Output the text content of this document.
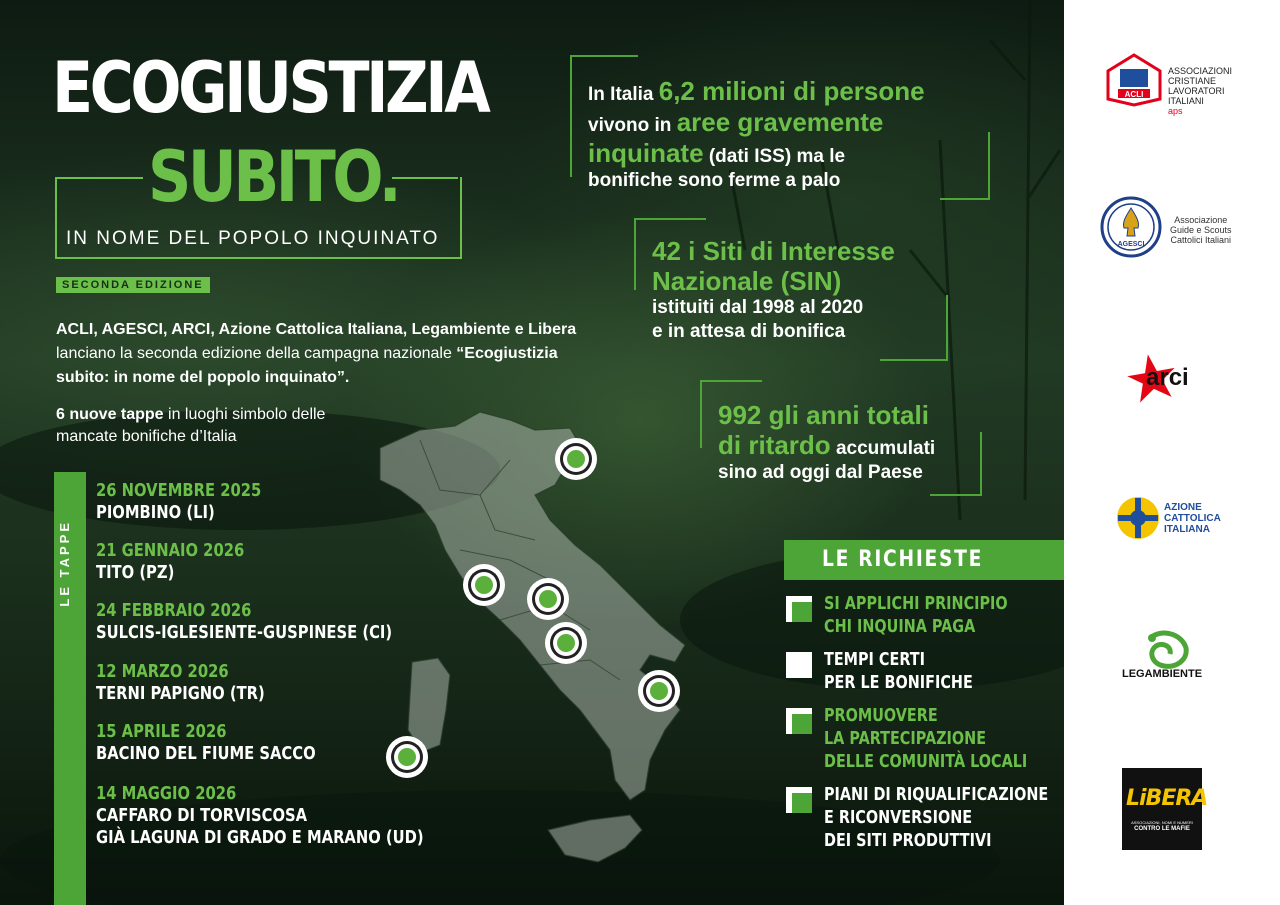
ECOGIUSTIZIA
SUBITO.
IN NOME DEL POPOLO INQUINATO
SECONDA EDIZIONE
ACLI, AGESCI, ARCI, Azione Cattolica Italiana, Legambiente e Libera lanciano la seconda edizione della campagna nazionale “Ecogiustizia subito: in nome del popolo inquinato”.
6 nuove tappe in luoghi simbolo delle mancate bonifiche d’Italia
LE TAPPE
26 NOVEMBRE 2025
PIOMBINO (LI)
21 GENNAIO 2026
TITO (PZ)
24 FEBBRAIO 2026
SULCIS-IGLESIENTE-GUSPINESE (CI)
12 MARZO 2026
TERNI PAPIGNO (TR)
15 APRILE 2026
BACINO DEL FIUME SACCO
14 MAGGIO 2026
CAFFARO DI TORVISCOSA
GIÀ LAGUNA DI GRADO E MARANO (UD)
In Italia 6,2 milioni di persone
vivono in aree gravemente
inquinate (dati ISS) ma le
bonifiche sono ferme a palo
42 i Siti di Interesse
Nazionale (SIN)
istituiti dal 1998 al 2020
e in attesa di bonifica
992 gli anni totali
di ritardo accumulati
sino ad oggi dal Paese
LE RICHIESTE
SI APPLICHI PRINCIPIO
CHI INQUINA PAGA
TEMPI CERTI
PER LE BONIFICHE
PROMUOVERE
LA PARTECIPAZIONE
DELLE COMUNITÀ LOCALI
PIANI DI RIQUALIFICAZIONE
E RICONVERSIONE
DEI SITI PRODUTTIVI
ACLI
ASSOCIAZIONI
CRISTIANE
LAVORATORI
ITALIANI
aps
AGESCI
Associazione
Guide e Scouts
Cattolici Italiani
arci
AZIONE
CATTOLICA
ITALIANA
LEGAMBIENTE
LiBERA
ASSOCIAZIONI, NOMI E NUMERI
CONTRO LE MAFIE
